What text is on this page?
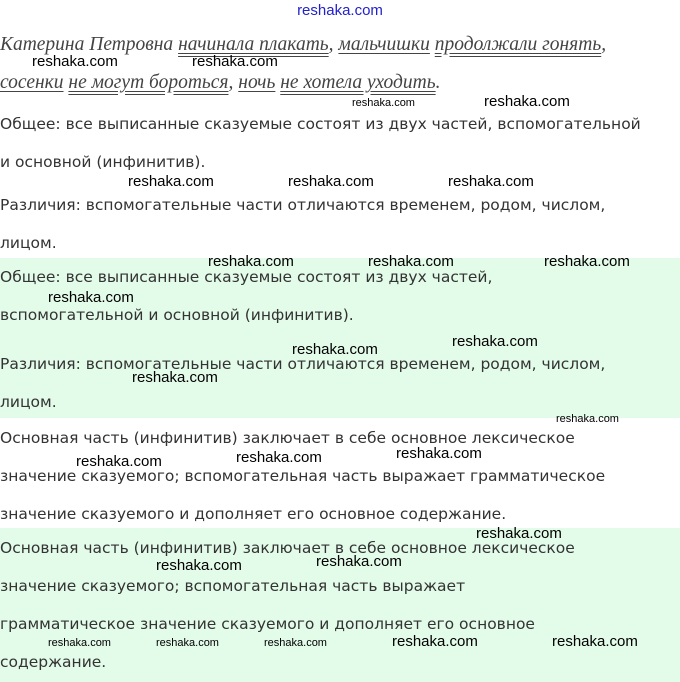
reshaka.com
Катерина Петровна начинала плакать, мальчишки продолжали гонять,
сосенки не могут бороться, ночь не хотела уходить.
Общее: все выписанные сказуемые состоят из двух частей, вспомогательной
и основной (инфинитив).
Различия: вспомогательные части отличаются временем, родом, числом,
лицом.
Общее: все выписанные сказуемые состоят из двух частей,
вспомогательной и основной (инфинитив).
Различия: вспомогательные части отличаются временем, родом, числом,
лицом.
Основная часть (инфинитив) заключает в себе основное лексическое
значение сказуемого; вспомогательная часть выражает грамматическое
значение сказуемого и дополняет его основное содержание.
Основная часть (инфинитив) заключает в себе основное лексическое
значение сказуемого; вспомогательная часть выражает
грамматическое значение сказуемого и дополняет его основное
содержание.
reshaka.com	reshaka.com
reshaka.com	reshaka.com
reshaka.com	reshaka.com	reshaka.com
reshaka.com	reshaka.com	reshaka.com
reshaka.com
reshaka.com
reshaka.com
reshaka.com
reshaka.com
reshaka.com
reshaka.com
reshaka.com
reshaka.com
reshaka.com
reshaka.com
reshaka.com	reshaka.com	reshaka.com	reshaka.com	reshaka.com
